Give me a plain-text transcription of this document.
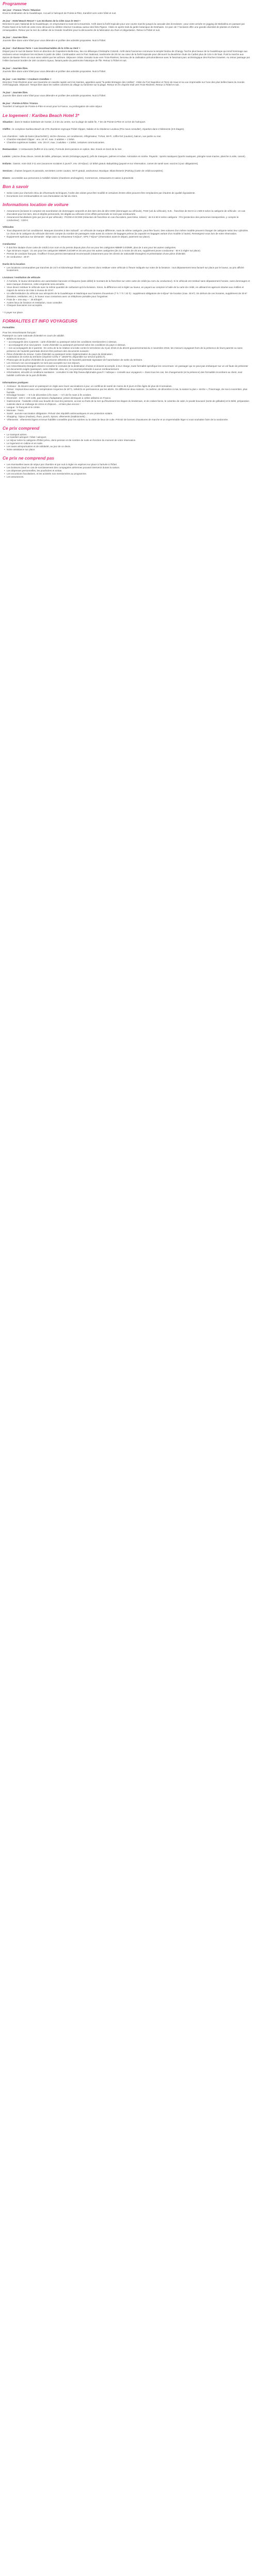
Programme
1er jour : France / Paris / Réunion
Envol à destination de la Guadeloupe. Accueil à l'aéroport de Pointe-à-Pitre, transfert vers votre hôtel et nuit.
2e jour : Hotel Beach Resort + Les Ecritures de la Côte sous le Vent +
Direction le parc National de la Guadeloupe, en empruntant la route de la traversée. Arrêt dans la forêt tropicale pour une courte marche jusqu'à la cascade des écrevisses ; pour votre arrivée en jogging de Mahaléna en passant par Pointe-Noire et la forêt de votre zone découvrir la célèbre réserve Cousteau autour des îlets Pigeon. Visite en après-midi du jardin botanique de Deshaies. Ce parc de 7 hectares offre une grande diversité de plantes et d'arbres remarquables. Retour par la mer du caféier de la Grande Soufrière pour la découverte de la fabrication du rhum et dégustation. Retour à l'hôtel et nuit.
3e jour : Journée libre.
Journée libre dans votre hôtel pour vous détendre et profiter des activités proposées. Nuit à l'hôtel.
4e jour : Sud Basse-Terre + Les incontournables de la Côte au Vent +
Départ pour le sud de Basse-Terre en direction de Capesterre-Belle-Eau, lieu où débarqua Christophe Colomb. Arrêt dans l'ancienne commune la temple hindou de Changy. l'arche plus beaux de la Guadeloupe qui rend hommage aux esclaves venus remplacer les esclaves à partir de 1854. Continuation vers le Parc National, randonnée de 20 mn au cœur de la forêt tropicale pour découvrir la deuxième chute du Carbet plus de 115 m de haut. Puis la marche aux épices de Basse-Terre où vous serez attirés par les arômes. Déjeuner créole. Ensuite route vers Trois-Rivières, berceau de la civilisation précolombienne avec le fascinant parc archéologique des Roches Gravées. Au retour passage par l'Allée Dumanoir bordée de 160 cocotiers royaux, faisant partie du patrimoine historique de l'île. Retour à l'hôtel et nuit.
5e jour : Journée libre.
Journée libre dans votre hôtel pour vous détendre et profiter des activités proposées. Nuit à l'hôtel.
6e jour : Les Saintes + Couleurs Caraïbes +
Direction Trois-Rivières pour une traversée en navette rapide vers les Saintes, appelées aussi "la petite Bretagne des Antilles". Visite du Fort Napoléon et Terre de Haut et sa vue imprenable sur l'une des plus belles baies du monde. Arrêt baignade. Déjeuner. Temps libre dans les ruelles colorées du village ou farniente sur la plage. Retour en fin d'après-midi vers Trois-Rivières. Retour à l'hôtel et nuit.
7e jour : Journée libre.
Journée libre dans votre hôtel pour vous détendre et profiter des activités proposées. Nuit à l'hôtel.
8e jour : Pointe-à-Pitre / France.
Transfert à l'aéroport de Pointe-à-Pitre et envol pour la France, ou prolongation de votre séjour.
Le logement : Karibea Beach Hotel 3*

Situation : dans le station balnéaire de Gosier, à 3 km du centre, sur la plage de sable fin, 7 km de Pointe-à-Pitre et 13 km de l'aéroport.

Chiffre : le complexe Karibea Beach de 270 chambres regroupe l'hôtel Clipper, Salako et la résidence Leuleva (Prix nous consulter), réparties dans 2 bâtiments (3-6 étages).

Les chambres : salle de bains (douche/WC), sèche-cheveux, air conditionné, réfrigérateur, TV/sat, Wi-Fi, coffre-fort (caution), balcon, vue jardin ou mer.

• Chambre standard Clipper : env. 24 m², max. 2 adultes + 1 bébé.
• Chambre supérieure Salako : env. 28 m², max. 3 adultes + 1 bébé, certaines communicantes.

Restauration : 2 restaurants (buffet et à la carte). Formule demi-pension en option. Bar. Snack en bord de la mer.

Loisirs : piscine d'eau douce, tennis de table, pétanque, tennis (éclairage payant), prêt de masques, palmes et tubas. Animation en soirée. Payants : sports nautiques (sports nautiques, plongée sous-marine, planche à voile, canoé).

Enfants : bassin, mini-club 3-11 ans (vacances scolaires 3 jours/7, env. 20 €/jour). Lit bébé gratuit. Babysitting (payant et sur réservation, carnet de santé avec vaccins à jour obligatoires).

Services : chaises longues et parasols, serviettes contre caution, Wi-Fi gratuit, aeuhumeur, Boutique. Blanchisserie (Parking (Carte de crédit acceptées).

Divers : accessible aux personnes à mobilité réduite (chambres aménagées). Commerces, restaurants et casino à proximité.

Bon à savoir
• Selon votre jour d'arrivée et/ou de d'éventuels techniques, l'ordre des visites peut-être modifié et certaines d'entre elles peuvent être remplacées par d'autres de qualité équivalente.
• Excursions non remboursables en cas d'annulation du fait du client.
Informations location de voiture
• Assurances (incluses le comptoir est exonération de dommages corporels et des tiers des de dès CDW (dommages au véhicule), THW (vol du véhicule), N.B. : franchise de 610 € à 1 500 € selon la catégorie de véhicule : en cas d'accident pour les tiers, des et dépôts personnels, les dégâts au véhicule et les effets personnels ne sont pas remboursés.
• Assurances facultatives (prix par jour et par véhicule) : PCDW et SCDW (réduction de franchise en cas d'accident, pare-brise, toiture) : de 8 à 50 € selon catégorie : PAI (protection des personnes transportées, y compris le conducteur) : 3,50 €.
Véhicules
• Tous disposent de l'air conditionné. Marques données à titre indicatif : un véhicule de marque différente, mais de même catégorie, peut être fourni. Des voitures d'un même modèle peuvent changer de catégorie selon leur cylindrée. Le choix de la catégorie du véhicule doit tenir compte du nombre de passagers mais aussi du volume de bagages prévus (la capacité en bagages variant d'un modèle à l'autre). Renseignez-vous lors de votre réservation.
• Équipement spéciaux sur demande : siège auto ou rehausseur 5 €/jour*, GPS 7 €/jour* (réservation avant le départ, paiement sur place).
Conducteur
• Il doit être titulaire d'une carte de crédit à son nom et du permis depuis plus d'un an pour les catégories MBMR à EDMR, plus de 3 ans pour les autres catégories.
• Âge minimum requis : 21 ans pour les catégories MBMR à ECMR et 25 ans pour les autres catégories (de 21 à moins de 25 ans, supplément jeune conducteur : 50 € à régler sur place).
• Permis de conduire français. Il suffira-t-il tous permis international recommandé (notamment pour les clients de nationalité étrangère) et présentation d'une pièce d'identité.
• 2e conducteur : 25 €*.
Durée de la location
• Les locations commandées par tranches de 24 h et kilométrage illimité ; vous devrez donc restituer votre véhicule à l'heure indiquée sur votre de la livraison : tout dépassement sera facturé sur place par le loueur, au prix affiché localement.
Livraison / restitution de véhicule
• À l'arrivée, le loueur demandera une autorisation bancaire et bloquera (sans débit) le montant de la franchise sur votre carte de crédit (au nom du conducteur). Si le véhicule est restitué sans dépassement horaire, sans dommages et sans manque d'essence, cette empreinte sera annulée.
• Vous devez restituer le véhicule avec la même quantité de carburant qu'à la livraison. Sinon, la différence est à régler au loueur, en payant au comptoir à l'aide de la carte de crédit, en utilisant les agences situées aux Antilles et majoré du service de mise à niveau de 20 €*.
• Un aller/restitution du véhicule aux aéroports de la Guadeloupe et Martinique aux horaires d'ouverture (7 h / 7 h / 22 h) : supplément obligatoire de 6 €/jour* de location (max. 30 €*). En dehors de ces horaires, supplément de 30 €* (livraison, restitution, etc.), le loueur vous contactera avec un téléphone portable pour l'organiser.
• Frais de « one way » : 25 €/trajet*.
• Autres lieux de livraison et restitution, nous consulter.
• Cheques bancaires non acceptés.

* À payer sur place.

FORMALITES ET INFO VOYAGEURS
Formalités

Pour les ressortissants français :

Passeport ou carte nationale d'identité en cours de validité.

• Bébés et mineurs :
• – accompagnés des 2 parents : carte d'identité ou passeport selon les conditions mentionnées ci-dessus.
• – accompagnés d'un seul parent : Carte d'identité ou passeport personnel selon les conditions du pays ci-dessus.
• – non accompagnés de 2 parents : En vertu de la loi relative à la lutte contre le terrorisme du 3 juin 2016 et du décret gouvernemental du 2 novembre 2016, les mineurs voyageant hors de la présence de leurs parents ou sans présence de l'autorité parentale devront être porteurs des documents suivants :
• Pièce d'identité du mineur. Carte d'identité ou passeport selon réglementation du pays de destination.
• Autorisation de sortie du territoire (imprimé Cerfa n° 15646*01 disponible sur service-public.fr).
• Photocopie de la pièce d'identité de la personne détentrice de l'autorité parentale signataire de l'autorisation de sortie du territoire.
• Les mineurs non accompagnés ne sont pas acceptés sur nos séjours.
• Les ressortissants étrangers doivent consulter le consulat de la destination choisie et doivent accomplir, à leur charge, toute formalité spécifique les concernant. Un passager qui ne peut pas embarquer sur un vol faute de présenter les documents exigés (passeport, carte d'identité, visa, etc.) ne pourrait prétendre à aucun remboursement.
• Informations, sécurité et conditions sanitaires : consultez le site http://www.diplomatie.gouv.fr / rubrique « conseils aux voyageurs ». Dans tous les cas, les changements (et la présence) des formalités incombent au client, seul habilité confirmée de la part d'infinités.
Informations pratiques
• Animaux : ils doivent avoir un passeport en règle avec leurs vaccinations à jour, un certificat de santé de moins de 8 jours et être âgés de plus de 8 semaines.
• Climat : tropical doux avec une température moyenne de 26°C, rafraîchi en permanence par les alizés. On différencie deux saisons : la carême, de décembre à mai, la saison la plus « sèche », l'hivernage, de mai à novembre, plus humide.
• Décalage horaire : – 5 h de décembre à fin mars : – 6 h de fin mars à fin octobre.
• Electricité : 220 V, 240 volts, pas besoin d'adaptateur, prises identiques à celles utilisées en France.
• Gastronomie : l'assiette créole aux boudin de tous les poissons, accras ou fruits de la mer qui fleurissent les étapes du lendemain, et de crabes farcis, le colombo de cabri, le poulet boucané (sorte de grillades) et le Bélé, préparation cuisinée dans un mélange de citron et d'épices… et bien plus encore !
• Langue : le français et le créole.
• Monnaie : l'euro.
• Santé : aucune vaccination obligatoire. Prévoir des répulsifs antimoustiques et une protection solaire.
• Shopping : bijoux (madras), rhum, punch, épices, vêtements (traditionnels)…
• Vêtements : vêtements légers et tenue habillée conseillée pour les soirées ou la visite de lieux de culte. Prévoir de bonnes chaussures de marche et un imperméable léger si vous souhaitez faire de la randonnée.
Ce prix comprend
• Le transport aérien.
• Le transfert aéroport / hôtel / aéroport.
• Le séjour selon la catégorie d'hôtel prévu, demi-pension et de nombre de nuits en fonction du moment de votre réservation.
• Le logement en cabine et en suite.
• Les taxes aéroportuaires et de solidarité, au jour de ce devis.
• Notre assistance sur place.
Ce prix ne comprend pas
• Les éventuelles taxes de séjour par chambre et par nuit à régler en espèces sur place à l'arrivée à l'hôtel.
• Les boissons (sauf en cas de surclassement des compagnies aériennes pouvant intervenir durant la saison.
• Les dépenses personnelles, les pourboires et extras.
• Les excursions facultatives, et les activités non mentionnées au programme.
• Les assurances.
